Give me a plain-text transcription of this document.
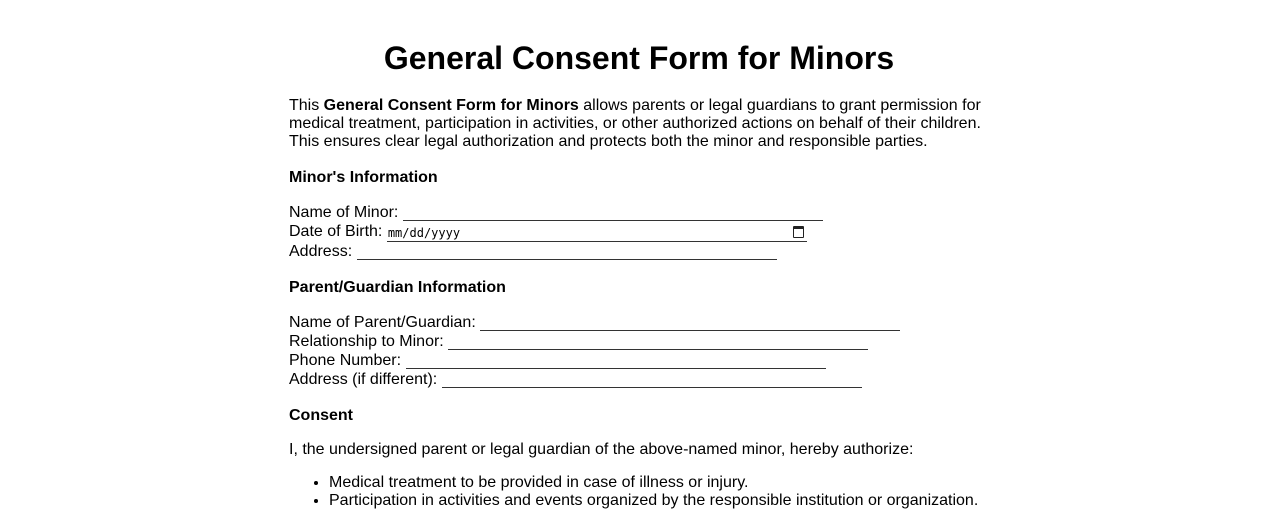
General Consent Form for Minors

This General Consent Form for Minors allows parents or legal guardians to grant permission for medical treatment, participation in activities, or other authorized actions on behalf of their children. This ensures clear legal authorization and protects both the minor and responsible parties.

Minor's Information
Name of Minor:
Date of Birth: mm/dd/yyyy
Address:
Parent/Guardian Information
Name of Parent/Guardian:
Relationship to Minor:
Phone Number:
Address (if different):
Consent

I, the undersigned parent or legal guardian of the above-named minor, hereby authorize:

• Medical treatment to be provided in case of illness or injury.
• Participation in activities and events organized by the responsible institution or organization.
